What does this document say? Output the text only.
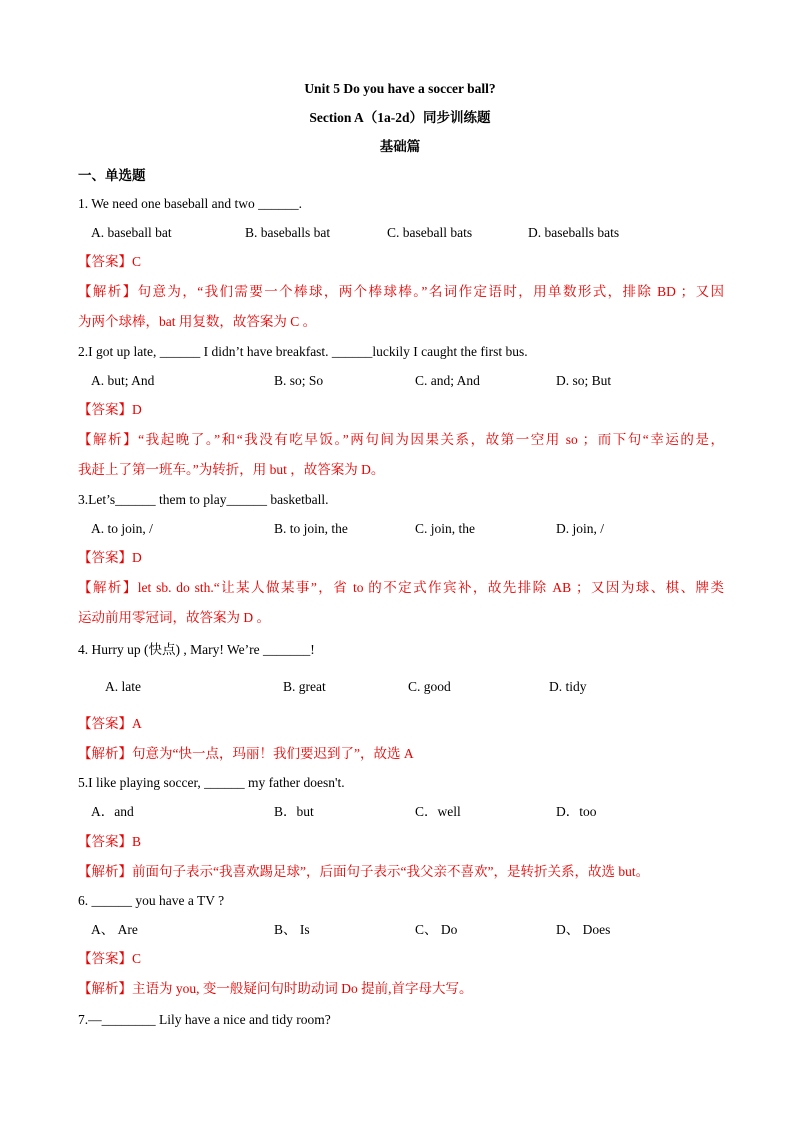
Unit 5 Do you have a soccer ball?
Section A（1a-2d）同步训练题
基础篇
一、单选题
1. We need one baseball and two ______.
A. baseball bat	B. baseballs bat	C. baseball bats	D. baseballs bats
【答案】C
【解析】句意为，“我们需要一个棒球，两个棒球棒。”名词作定语时，用单数形式，排除 BD ；又因
为两个球棒，bat 用复数，故答案为 C 。
2.I got up late, ______ I didn’t have breakfast. ______luckily I caught the first bus.
A. but; And	B. so; So	C. and; And	D. so; But
【答案】D
【解析】“我起晚了。”和“我没有吃早饭。”两句间为因果关系，故第一空用 so ；而下句“幸运的是，
我赶上了第一班车。”为转折，用 but ，故答案为 D。
3.Let’s______ them to play______ basketball.
A. to join, /	B. to join, the	C. join, the	D. join, /
【答案】D
【解析】let sb. do sth.“让某人做某事”，省 to 的不定式作宾补，故先排除 AB ；又因为球、棋、牌类
运动前用零冠词，故答案为 D 。
4. Hurry up (快点) , Mary! We’re _______!
A. late	B. great	C. good	D. tidy
【答案】A
【解析】句意为“快一点，玛丽！我们要迟到了”，故选 A
5.I like playing soccer, ______ my father doesn't.
A．and	B．but	C．well	D．too
【答案】B
【解析】前面句子表示“我喜欢踢足球”，后面句子表示“我父亲不喜欢”，是转折关系，故选 but。
6. ______ you have a TV ?
A、 Are	B、 Is	C、 Do	D、 Does
【答案】C
【解析】主语为 you, 变一般疑问句时助动词 Do 提前,首字母大写。
7.—________ Lily have a nice and tidy room?
